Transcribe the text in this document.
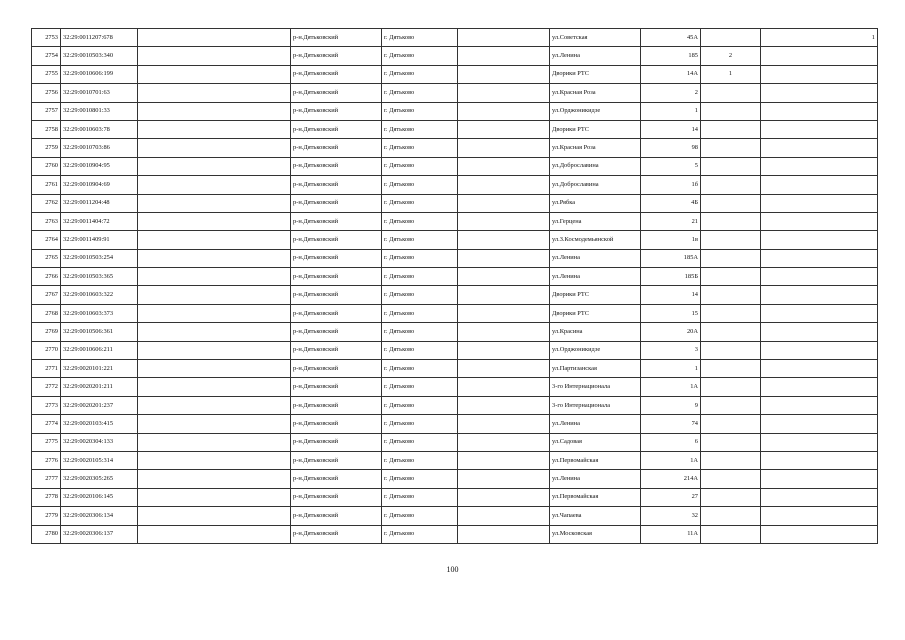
2753	32:29:0011207:678		р-н.Дятьковский	г. Дятьково		ул.Советская	45А		1
2754	32:29:0010503:340		р-н.Дятьковский	г. Дятьково		ул.Ленина	185	2	
2755	32:29:0010606:199		р-н.Дятьковский	г. Дятьково		Дворики РТС	14А	1	
2756	32:29:0010701:63		р-н.Дятьковский	г. Дятьково		ул.Красная Роза	2		
2757	32:29:0010801:33		р-н.Дятьковский	г. Дятьково		ул.Орджоникидзе	1		
2758	32:29:0010603:78		р-н.Дятьковский	г. Дятьково		Дворики РТС	14		
2759	32:29:0010703:86		р-н.Дятьковский	г. Дятьково		ул.Красная Роза	98		
2760	32:29:0010904:95		р-н.Дятьковский	г. Дятьково		ул.Доброславина	5		
2761	32:29:0010904:69		р-н.Дятьковский	г. Дятьково		ул.Доброславина	1б		
2762	32:29:0011204:48		р-н.Дятьковский	г. Дятьково		ул.Рябка	4Б		
2763	32:29:0011404:72		р-н.Дятьковский	г. Дятьково		ул.Герцена	21		
2764	32:29:0011409:91		р-н.Дятьковский	г. Дятьково		ул.З.Космодемьянской	1в		
2765	32:29:0010503:254		р-н.Дятьковский	г. Дятьково		ул.Ленина	185А		
2766	32:29:0010503:365		р-н.Дятьковский	г. Дятьково		ул.Ленина	185Б		
2767	32:29:0010603:322		р-н.Дятьковский	г. Дятьково		Дворики РТС	14		
2768	32:29:0010603:373		р-н.Дятьковский	г. Дятьково		Дворики РТС	15		
2769	32:29:0010506:361		р-н.Дятьковский	г. Дятьково		ул.Красина	20А		
2770	32:29:0010606:211		р-н.Дятьковский	г. Дятьково		ул.Орджоникидзе	3		
2771	32:29:0020101:221		р-н.Дятьковский	г. Дятьково		ул.Партизанская	1		
2772	32:29:0020201:211		р-н.Дятьковский	г. Дятьково		3-го Интернационала	1А		
2773	32:29:0020201:237		р-н.Дятьковский	г. Дятьково		3-го Интернационала	9		
2774	32:29:0020103:415		р-н.Дятьковский	г. Дятьково		ул.Ленина	74		
2775	32:29:0020304:133		р-н.Дятьковский	г. Дятьково		ул.Садовая	6		
2776	32:29:0020105:314		р-н.Дятьковский	г. Дятьково		ул.Первомайская	1А		
2777	32:29:0020305:265		р-н.Дятьковский	г. Дятьково		ул.Ленина	214А		
2778	32:29:0020106:145		р-н.Дятьковский	г. Дятьково		ул.Первомайская	27		
2779	32:29:0020306:134		р-н.Дятьковский	г. Дятьково		ул.Чапаева	32		
2780	32:29:0020306:137		р-н.Дятьковский	г. Дятьково		ул.Московская	11А		
100
